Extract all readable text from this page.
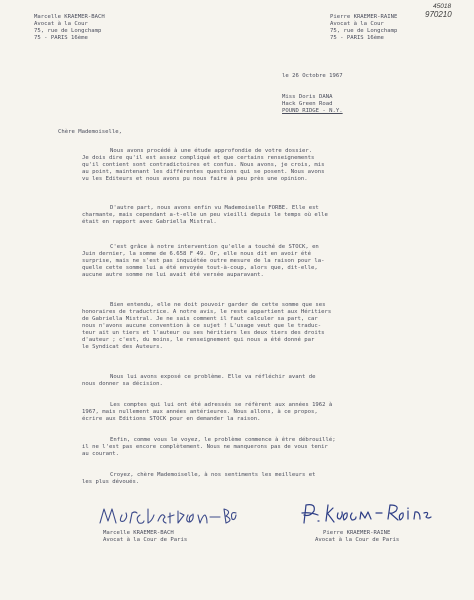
45018
970210
Marcelle KRAEMER-BACH
Avocat à la Cour
75, rue de Longchamp
75 - PARIS 16ème
Pierre KRAEMER-RAINE
Avocat à la Cour
75, rue de Longchamp
75 - PARIS 16ème
le 26 Octobre 1967
Miss Doris DANA
Hack Green Road
POUND RIDGE - N.Y.
Chère Mademoiselle,
Nous avons procédé à une étude approfondie de votre dossier.
Je dois dire qu'il est assez compliqué et que certains renseignements
qu'il contient sont contradictoires et confus. Nous avons, je crois, mis
au point, maintenant les différentes questions qui se posent. Nous avons
vu les Editeurs et nous avons pu nous faire à peu près une opinion.
D'autre part, nous avons enfin vu Mademoiselle FORBE. Elle est
charmante, mais cependant a-t-elle un peu vieilli depuis le temps où elle
était en rapport avec Gabriella Mistral.
C'est grâce à notre intervention qu'elle a touché de STOCK, en
Juin dernier, la somme de 6.658 F 49. Or, elle nous dit en avoir été
surprise, mais ne s'est pas inquiétée outre mesure de la raison pour la-
quelle cette somme lui a été envoyée tout-à-coup, alors que, dit-elle,
aucune autre somme ne lui avait été versée auparavant.
Bien entendu, elle ne doit pouvoir garder de cette somme que ses
honoraires de traductrice. A notre avis, le reste appartient aux Héritiers
de Gabriella Mistral. Je ne sais comment il faut calculer sa part, car
nous n'avons aucune convention à ce sujet ! L'usage veut que le traduc-
teur ait un tiers et l'auteur ou ses héritiers les deux tiers des droits
d'auteur ; c'est, du moins, le renseignement qui nous a été donné par
le Syndicat des Auteurs.
Nous lui avons exposé ce problème. Elle va réfléchir avant de
nous donner sa décision.
Les comptes qui lui ont été adressés se réfèrent aux années 1962 à
1967, mais nullement aux années antérieures. Nous allons, à ce propos,
écrire aux Editions STOCK pour en demander la raison.
Enfin, comme vous le voyez, le problème commence à être débrouillé;
il ne l'est pas encore complètement. Nous ne manquerons pas de vous tenir
au courant.
Croyez, chère Mademoiselle, à nos sentiments les meilleurs et
les plus dévoués.
Marcelle KRAEMER-BACH
Avocat à la Cour de Paris
Pierre KRAEMER-RAINE
Avocat à la Cour de Paris
